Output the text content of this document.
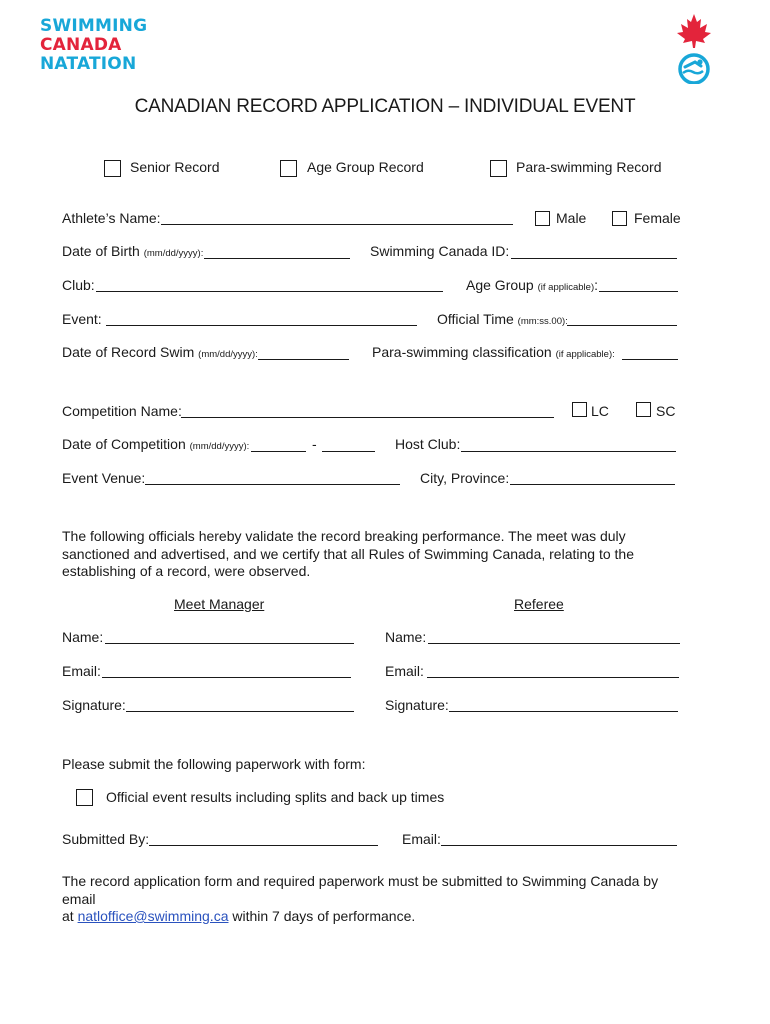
SWIMMING
CANADA
NATATION
CANADIAN RECORD APPLICATION – INDIVIDUAL EVENT
Senior Record	Age Group Record	Para-swimming Record
Athlete’s Name:	Male	Female
Date of Birth (mm/dd/yyyy):	Swimming Canada ID:
Club:	Age Group (if applicable):
Event:	Official Time (mm:ss.00):
Date of Record Swim (mm/dd/yyyy):	Para-swimming classification (if applicable):
Competition Name:	LC	SC
Date of Competition (mm/dd/yyyy):	-	Host Club:
Event Venue:	City, Province:
The following officials hereby validate the record breaking performance. The meet was duly sanctioned and advertised, and we certify that all Rules of Swimming Canada, relating to the establishing of a record, were observed.
Meet Manager	Referee
Name:	Name:
Email:	Email:
Signature:	Signature:
Please submit the following paperwork with form:
Official event results including splits and back up times
Submitted By:	Email:
The record application form and required paperwork must be submitted to Swimming Canada by email
at natloffice@swimming.ca within 7 days of performance.
